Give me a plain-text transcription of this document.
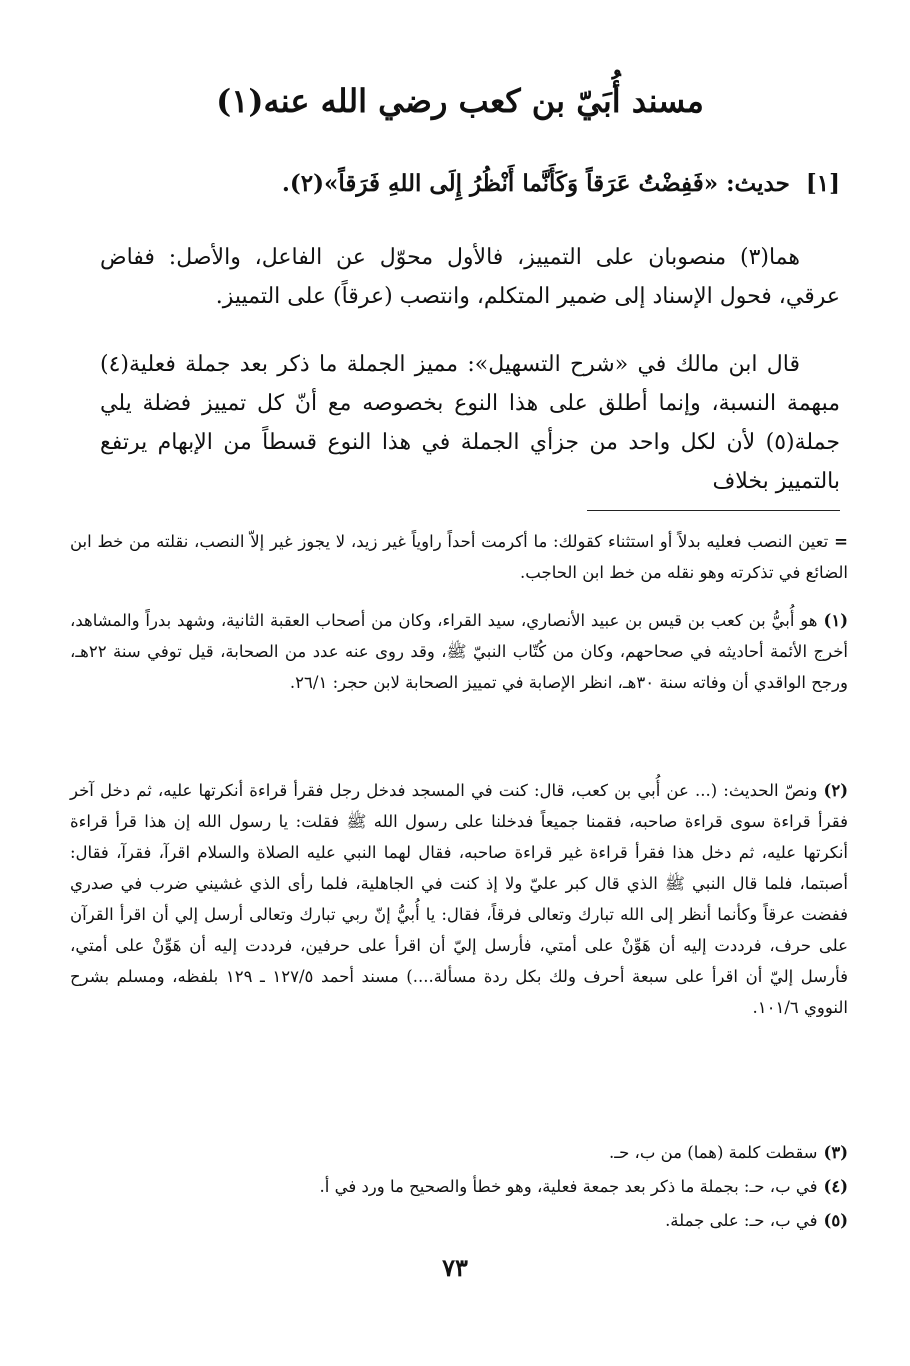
مسند أُبَيّ بن كعب رضي الله عنه(١)
[١] حديث: «فَفِضْتُ عَرَقاً وَكَأَنَّما أَنْظُرُ إِلَى اللهِ فَرَقاً»(٢).
هما(٣) منصوبان على التمييز، فالأول محوّل عن الفاعل، والأصل: ففاض عرقي، فحول الإسناد إلى ضمير المتكلم، وانتصب (عرقاً) على التمييز.
قال ابن مالك في «شرح التسهيل»: مميز الجملة ما ذكر بعد جملة فعلية(٤) مبهمة النسبة، وإنما أطلق على هذا النوع بخصوصه مع أنّ كل تمييز فضلة يلي جملة(٥) لأن لكل واحد من جزأي الجملة في هذا النوع قسطاً من الإبهام يرتفع بالتمييز بخلاف
=تعين النصب فعليه بدلاً أو استثناء كقولك: ما أكرمت أحداً راوياً غير زيد، لا يجوز غير إلاّ النصب، نقلته من خط ابن الضائع في تذكرته وهو نقله من خط ابن الحاجب.
(١)هو أُبيُّ بن كعب بن قيس بن عبيد الأنصاري، سيد القراء، وكان من أصحاب العقبة الثانية، وشهد بدراً والمشاهد، أخرج الأئمة أحاديثه في صحاحهم، وكان من كُتّاب النبيّ ﷺ، وقد روى عنه عدد من الصحابة، قيل توفي سنة ٢٢هـ، ورجح الواقدي أن وفاته سنة ٣٠هـ، انظر الإصابة في تمييز الصحابة لابن حجر: ٢٦/١.
(٢)ونصّ الحديث: (... عن أُبي بن كعب، قال: كنت في المسجد فدخل رجل فقرأ قراءة أنكرتها عليه، ثم دخل آخر فقرأ قراءة سوى قراءة صاحبه، فقمنا جميعاً فدخلنا على رسول الله ﷺ فقلت: يا رسول الله إن هذا قرأ قراءة أنكرتها عليه، ثم دخل هذا فقرأ قراءة غير قراءة صاحبه، فقال لهما النبي عليه الصلاة والسلام اقرآ، فقرآ، فقال: أصبتما، فلما قال النبي ﷺ الذي قال كبر عليّ ولا إذ كنت في الجاهلية، فلما رأى الذي غشيني ضرب في صدري ففضت عرقاً وكأنما أنظر إلى الله تبارك وتعالى فرقاً، فقال: يا أُبيُّ إنّ ربي تبارك وتعالى أرسل إلي أن اقرأ القرآن على حرف، فرددت إليه أن هَوِّنْ على أمتي، فأرسل إليّ أن اقرأ على حرفين، فرددت إليه أن هَوِّنْ على أمتي، فأرسل إليّ أن اقرأ على سبعة أحرف ولك بكل ردة مسألة....) مسند أحمد ١٢٧/٥ ـ ١٢٩ بلفظه، ومسلم بشرح النووي ١٠١/٦.
(٣)سقطت كلمة (هما) من ب، حـ.
(٤)في ب، حـ: بجملة ما ذكر بعد جمعة فعلية، وهو خطأ والصحيح ما ورد في أ.
(٥)في ب، حـ: على جملة.
٧٣
